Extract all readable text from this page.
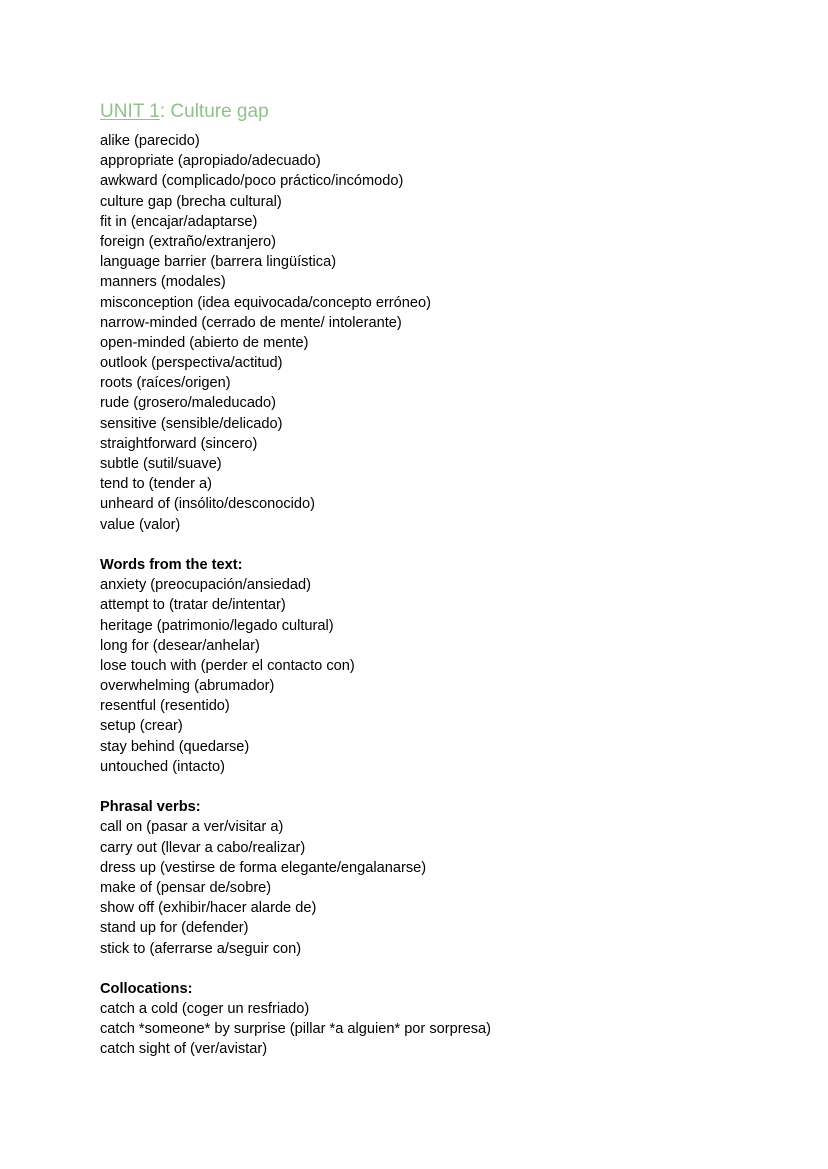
UNIT 1: Culture gap
alike (parecido)
appropriate (apropiado/adecuado)
awkward (complicado/poco práctico/incómodo)
culture gap (brecha cultural)
fit in (encajar/adaptarse)
foreign (extraño/extranjero)
language barrier (barrera lingüística)
manners (modales)
misconception (idea equivocada/concepto erróneo)
narrow-minded (cerrado de mente/ intolerante)
open-minded (abierto de mente)
outlook (perspectiva/actitud)
roots (raíces/origen)
rude (grosero/maleducado)
sensitive (sensible/delicado)
straightforward (sincero)
subtle (sutil/suave)
tend to (tender a)
unheard of (insólito/desconocido)
value (valor)
Words from the text:
anxiety (preocupación/ansiedad)
attempt to (tratar de/intentar)
heritage (patrimonio/legado cultural)
long for (desear/anhelar)
lose touch with (perder el contacto con)
overwhelming (abrumador)
resentful (resentido)
setup (crear)
stay behind (quedarse)
untouched (intacto)
Phrasal verbs:
call on (pasar a ver/visitar a)
carry out (llevar a cabo/realizar)
dress up (vestirse de forma elegante/engalanarse)
make of (pensar de/sobre)
show off (exhibir/hacer alarde de)
stand up for (defender)
stick to (aferrarse a/seguir con)
Collocations:
catch a cold (coger un resfriado)
catch *someone* by surprise (pillar *a alguien* por sorpresa)
catch sight of (ver/avistar)
